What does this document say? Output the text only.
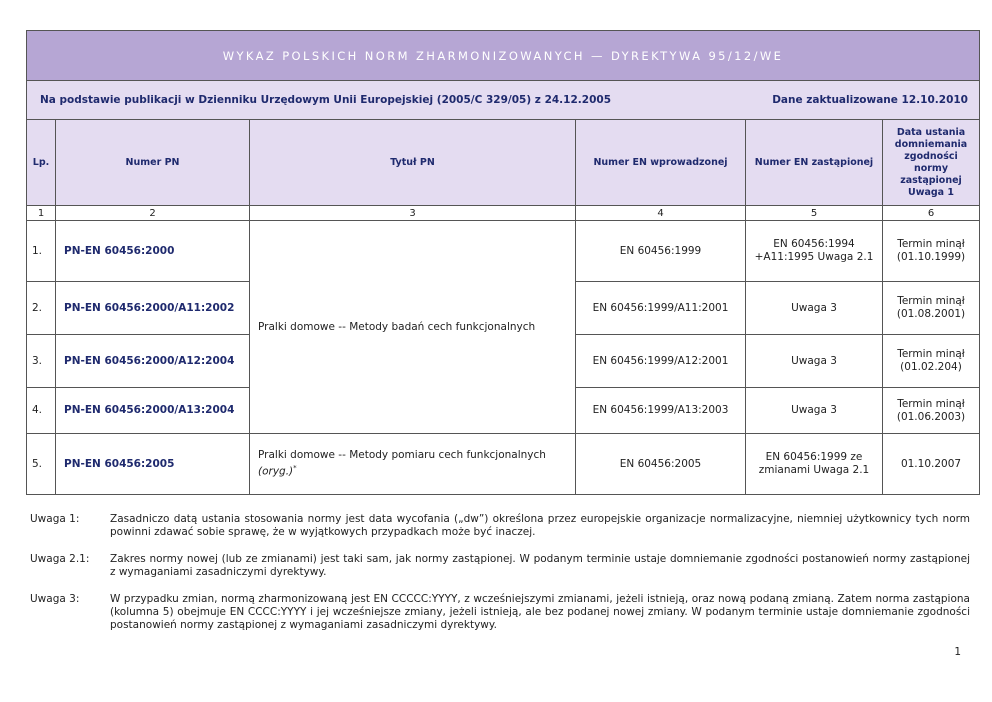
WYKAZ POLSKICH NORM ZHARMONIZOWANYCH — DYREKTYWA 95/12/WE					

Na podstawie publikacji w Dzienniku Urzędowym Unii Europejskiej (2005/C 329/05) z 24.12.2005 Dane zaktualizowane 12.10.2010					

Lp.	Numer PN	Tytuł PN	Numer EN wprowadzonej	Numer EN zastąpionej	Data ustania domniemania zgodności normy zastąpionej Uwaga 1
1	2	3	4	5	6
1.	PN-EN 60456:2000	Pralki domowe -- Metody badań cech funkcjonalnych	EN 60456:1999	EN 60456:1994 +A11:1995 Uwaga 2.1	Termin minął (01.10.1999)
2.	PN-EN 60456:2000/A11:2002		EN 60456:1999/A11:2001	Uwaga 3	Termin minął (01.08.2001)
3.	PN-EN 60456:2000/A12:2004		EN 60456:1999/A12:2001	Uwaga 3	Termin minął (01.02.204)
4.	PN-EN 60456:2000/A13:2004		EN 60456:1999/A13:2003	Uwaga 3	Termin minął (01.06.2003)
5.	PN-EN 60456:2005	Pralki domowe -- Metody pomiaru cech funkcjonalnych (oryg.)*	EN 60456:2005	EN 60456:1999 ze zmianami Uwaga 2.1	01.10.2007
Uwaga 1:	Zasadniczo datą ustania stosowania normy jest data wycofania („dw”) określona przez europejskie organizacje normalizacyjne, niemniej użytkownicy tych norm powinni zdawać sobie sprawę, że w wyjątkowych przypadkach może być inaczej.
Uwaga 2.1:	Zakres normy nowej (lub ze zmianami) jest taki sam, jak normy zastąpionej. W podanym terminie ustaje domniemanie zgodności postanowień normy zastąpionej z wymaganiami zasadniczymi dyrektywy.
Uwaga 3:	W przypadku zmian, normą zharmonizowaną jest EN CCCCC:YYYY, z wcześniejszymi zmianami, jeżeli istnieją, oraz nową podaną zmianą. Zatem norma zastąpiona (kolumna 5) obejmuje EN CCCC:YYYY i jej wcześniejsze zmiany, jeżeli istnieją, ale bez podanej nowej zmiany. W podanym terminie ustaje domniemanie zgodności postanowień normy zastąpionej z wymaganiami zasadniczymi dyrektywy.
1
